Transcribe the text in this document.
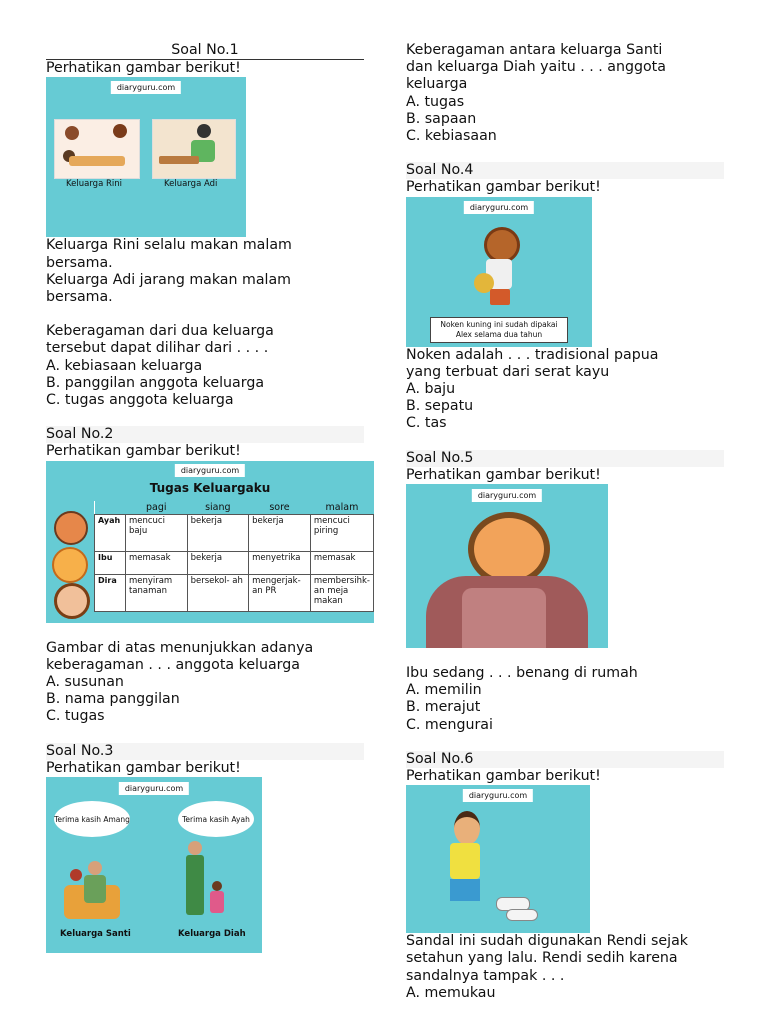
Soal No.1

Perhatikan gambar berikut!

diaryguru.com
Keluarga Rini	Keluarga Adi

Keluarga Rini selalu makan malam

bersama.

Keluarga Adi jarang makan malam

bersama.

Keberagaman dari dua keluarga

tersebut dapat dilihar dari . . . .

A. kebiasaan keluarga

B. panggilan anggota keluarga

C. tugas anggota keluarga

Soal No.2

Perhatikan gambar berikut!

diaryguru.com
Tugas Keluargaku
	pagi	siang	sore	malam
Ayah	mencuci baju	bekerja	bekerja	mencuci piring
Ibu	memasak	bekerja	menyetrika	memasak
Dira	menyiram tanaman	bersekol- ah	mengerjak- an PR	membersihk- an meja makan

Gambar di atas menunjukkan adanya

keberagaman . . . anggota keluarga

A. susunan

B. nama panggilan

C. tugas

Soal No.3

Perhatikan gambar berikut!

diaryguru.com
Terima kasih Amang	Terima kasih Ayah
Keluarga Santi	Keluarga Diah

Keberagaman antara keluarga Santi

dan keluarga Diah yaitu . . . anggota

keluarga

A. tugas

B. sapaan

C. kebiasaan

Soal No.4

Perhatikan gambar berikut!

diaryguru.com
Noken kuning ini sudah dipakai
Alex selama dua tahun

Noken adalah . . . tradisional papua

yang terbuat dari serat kayu

A. baju

B. sepatu

C. tas

Soal No.5

Perhatikan gambar berikut!

diaryguru.com

Ibu sedang . . . benang di rumah

A. memilin

B. merajut

C. mengurai

Soal No.6

Perhatikan gambar berikut!

diaryguru.com

Sandal ini sudah digunakan Rendi sejak

setahun yang lalu. Rendi sedih karena

sandalnya tampak . . .

A. memukau
